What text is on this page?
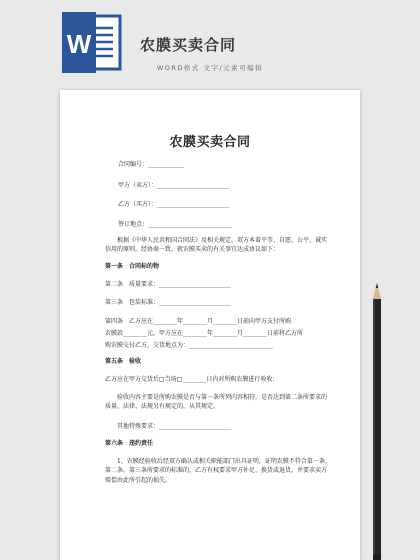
W	农膜买卖合同
WORD格式 文字/元素可编辑
农膜买卖合同
合同编号：____________
甲方（卖方）：________________________
乙方（买方）：________________________
签订地点：____________________________
根据《中华人民共和国合同法》及相关规定，双方本着平等、自愿、公平、诚实信用的原则，经协商一致，就农膜买卖的有关事宜达成协议如下：
第一条　合同标的物
第二条　质量要求：________________________
第三条　包装标准：________________________
第四条　乙方应在________年________月________日前向甲方支付所购
农膜款________元，甲方应在________年________月________日前将乙方所
购农膜交付乙方，交货地点为：____________________________
第五条　验收
乙方应在甲方交货后□当场□________日内对所购农膜进行验收：
验收内容主要是所购农膜是否与第一条所列内容相符，是否达到第二条所要求的质量，法律、法规另有规定的，从其规定。
其他特殊要求：________________________
第六条　违约责任
1、农膜经验收后经双方确认或相关职能部门出具证明，证明农膜不符合第一条、第二条、第三条所要求的标准的，乙方有权要求甲方补足、换货或退货，并要求卖方赔偿由此所引起的损失。
